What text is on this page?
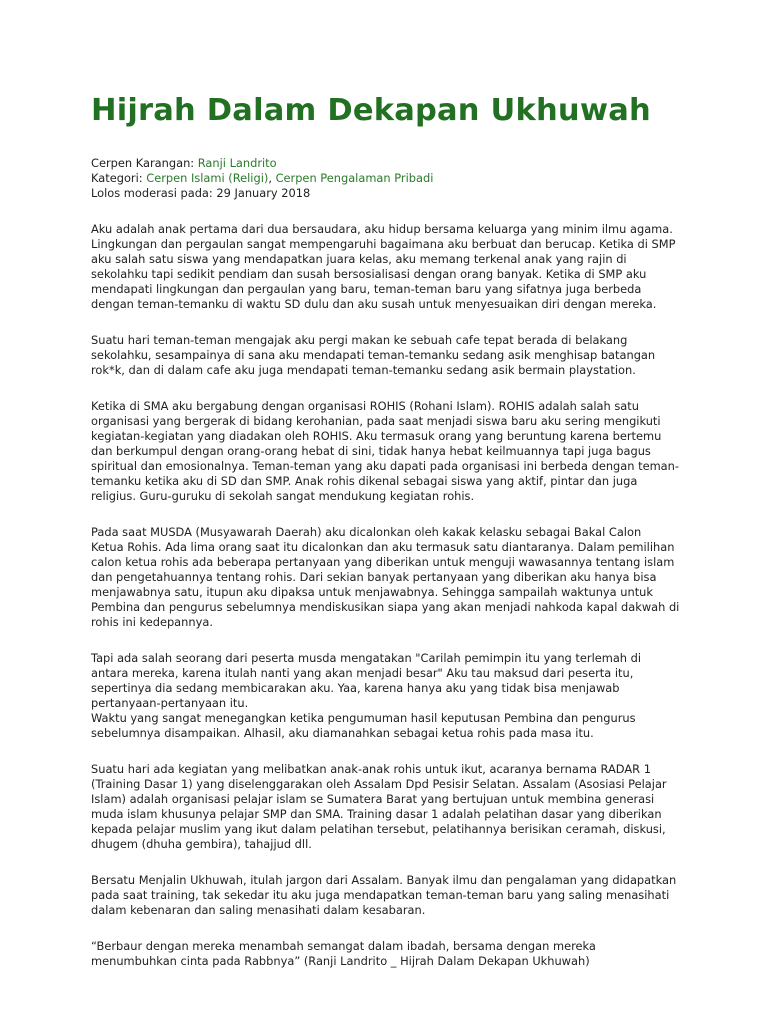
Hijrah Dalam Dekapan Ukhuwah
Cerpen Karangan: Ranji Landrito
Kategori: Cerpen Islami (Religi), Cerpen Pengalaman Pribadi
Lolos moderasi pada: 29 January 2018
Aku adalah anak pertama dari dua bersaudara, aku hidup bersama keluarga yang minim ilmu agama.
Lingkungan dan pergaulan sangat mempengaruhi bagaimana aku berbuat dan berucap. Ketika di SMP
aku salah satu siswa yang mendapatkan juara kelas, aku memang terkenal anak yang rajin di
sekolahku tapi sedikit pendiam dan susah bersosialisasi dengan orang banyak. Ketika di SMP aku
mendapati lingkungan dan pergaulan yang baru, teman-teman baru yang sifatnya juga berbeda
dengan teman-temanku di waktu SD dulu dan aku susah untuk menyesuaikan diri dengan mereka.
Suatu hari teman-teman mengajak aku pergi makan ke sebuah cafe tepat berada di belakang
sekolahku, sesampainya di sana aku mendapati teman-temanku sedang asik menghisap batangan
rok*k, dan di dalam cafe aku juga mendapati teman-temanku sedang asik bermain playstation.
Ketika di SMA aku bergabung dengan organisasi ROHIS (Rohani Islam). ROHIS adalah salah satu
organisasi yang bergerak di bidang kerohanian, pada saat menjadi siswa baru aku sering mengikuti
kegiatan-kegiatan yang diadakan oleh ROHIS. Aku termasuk orang yang beruntung karena bertemu
dan berkumpul dengan orang-orang hebat di sini, tidak hanya hebat keilmuannya tapi juga bagus
spiritual dan emosionalnya. Teman-teman yang aku dapati pada organisasi ini berbeda dengan teman-
temanku ketika aku di SD dan SMP. Anak rohis dikenal sebagai siswa yang aktif, pintar dan juga
religius. Guru-guruku di sekolah sangat mendukung kegiatan rohis.
Pada saat MUSDA (Musyawarah Daerah) aku dicalonkan oleh kakak kelasku sebagai Bakal Calon
Ketua Rohis. Ada lima orang saat itu dicalonkan dan aku termasuk satu diantaranya. Dalam pemilihan
calon ketua rohis ada beberapa pertanyaan yang diberikan untuk menguji wawasannya tentang islam
dan pengetahuannya tentang rohis. Dari sekian banyak pertanyaan yang diberikan aku hanya bisa
menjawabnya satu, itupun aku dipaksa untuk menjawabnya. Sehingga sampailah waktunya untuk
Pembina dan pengurus sebelumnya mendiskusikan siapa yang akan menjadi nahkoda kapal dakwah di
rohis ini kedepannya.
Tapi ada salah seorang dari peserta musda mengatakan "Carilah pemimpin itu yang terlemah di
antara mereka, karena itulah nanti yang akan menjadi besar" Aku tau maksud dari peserta itu,
sepertinya dia sedang membicarakan aku. Yaa, karena hanya aku yang tidak bisa menjawab
pertanyaan-pertanyaan itu.
Waktu yang sangat menegangkan ketika pengumuman hasil keputusan Pembina dan pengurus
sebelumnya disampaikan. Alhasil, aku diamanahkan sebagai ketua rohis pada masa itu.
Suatu hari ada kegiatan yang melibatkan anak-anak rohis untuk ikut, acaranya bernama RADAR 1
(Training Dasar 1) yang diselenggarakan oleh Assalam Dpd Pesisir Selatan. Assalam (Asosiasi Pelajar
Islam) adalah organisasi pelajar islam se Sumatera Barat yang bertujuan untuk membina generasi
muda islam khusunya pelajar SMP dan SMA. Training dasar 1 adalah pelatihan dasar yang diberikan
kepada pelajar muslim yang ikut dalam pelatihan tersebut, pelatihannya berisikan ceramah, diskusi,
dhugem (dhuha gembira), tahajjud dll.
Bersatu Menjalin Ukhuwah, itulah jargon dari Assalam. Banyak ilmu dan pengalaman yang didapatkan
pada saat training, tak sekedar itu aku juga mendapatkan teman-teman baru yang saling menasihati
dalam kebenaran dan saling menasihati dalam kesabaran.
“Berbaur dengan mereka menambah semangat dalam ibadah, bersama dengan mereka
menumbuhkan cinta pada Rabbnya” (Ranji Landrito _ Hijrah Dalam Dekapan Ukhuwah)
